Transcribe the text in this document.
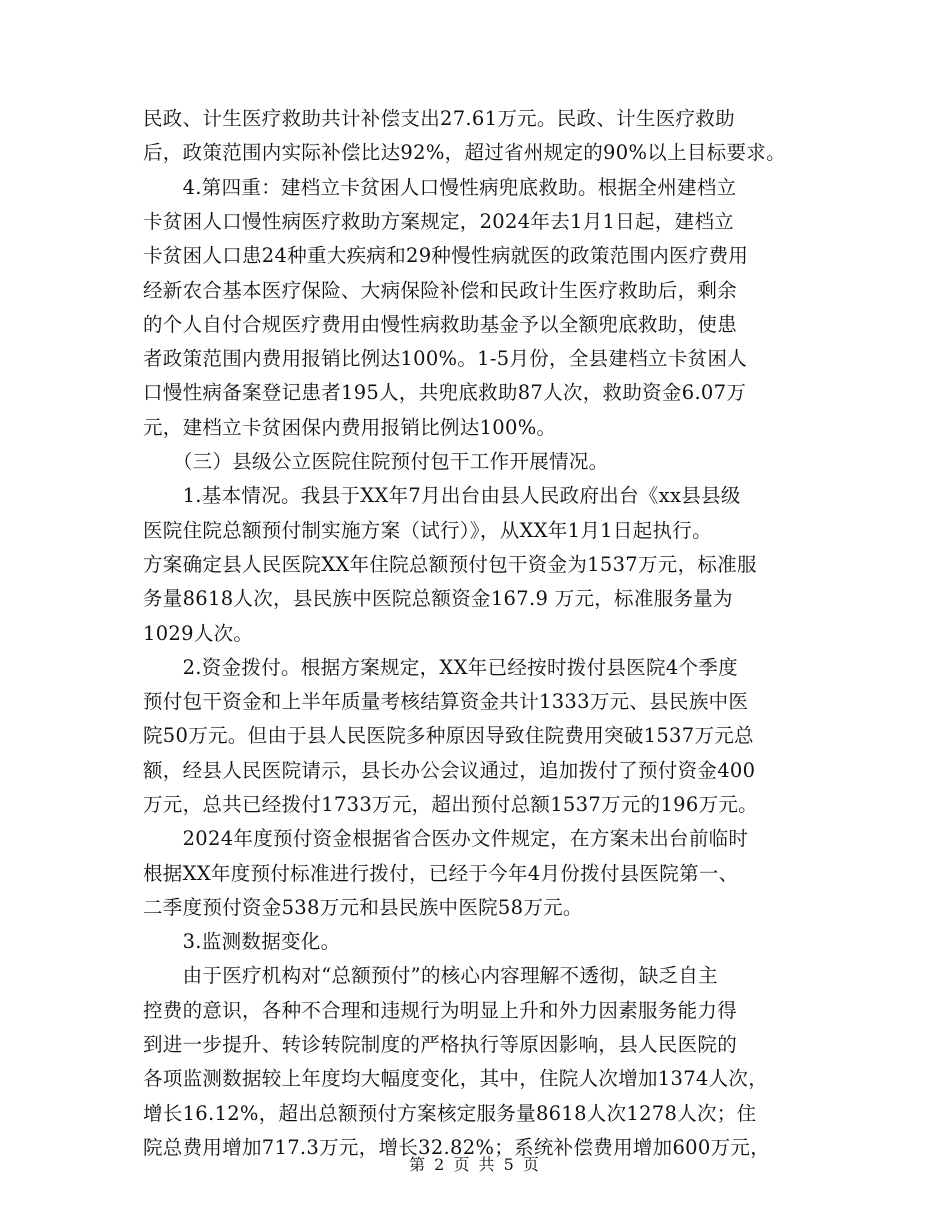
民政、计生医疗救助共计补偿支出27.61万元。民政、计生医疗救助
后，政策范围内实际补偿比达92%，超过省州规定的90%以上目标要求。
　　4.第四重：建档立卡贫困人口慢性病兜底救助。根据全州建档立
卡贫困人口慢性病医疗救助方案规定，2024年去1月1日起，建档立
卡贫困人口患24种重大疾病和29种慢性病就医的政策范围内医疗费用
经新农合基本医疗保险、大病保险补偿和民政计生医疗救助后，剩余
的个人自付合规医疗费用由慢性病救助基金予以全额兜底救助，使患
者政策范围内费用报销比例达100%。1-5月份，全县建档立卡贫困人
口慢性病备案登记患者195人，共兜底救助87人次，救助资金6.07万
元，建档立卡贫困保内费用报销比例达100%。
　　（三）县级公立医院住院预付包干工作开展情况。
　　1.基本情况。我县于XX年7月出台由县人民政府出台《xx县县级
医院住院总额预付制实施方案（试行）》，从XX年1月1日起执行。
方案确定县人民医院XX年住院总额预付包干资金为1537万元，标准服
务量8618人次，县民族中医院总额资金167.9 万元，标准服务量为
1029人次。
　　2.资金拨付。根据方案规定，XX年已经按时拨付县医院4个季度
预付包干资金和上半年质量考核结算资金共计1333万元、县民族中医
院50万元。但由于县人民医院多种原因导致住院费用突破1537万元总
额，经县人民医院请示，县长办公会议通过，追加拨付了预付资金400
万元，总共已经拨付1733万元，超出预付总额1537万元的196万元。
　　2024年度预付资金根据省合医办文件规定，在方案未出台前临时
根据XX年度预付标准进行拨付，已经于今年4月份拨付县医院第一、
二季度预付资金538万元和县民族中医院58万元。
　　3.监测数据变化。
　　由于医疗机构对“总额预付”的核心内容理解不透彻，缺乏自主
控费的意识，各种不合理和违规行为明显上升和外力因素服务能力得
到进一步提升、转诊转院制度的严格执行等原因影响，县人民医院的
各项监测数据较上年度均大幅度变化，其中，住院人次增加1374人次，
增长16.12%，超出总额预付方案核定服务量8618人次1278人次；住
院总费用增加717.3万元，增长32.82%；系统补偿费用增加600万元，
第 2 页 共 5 页
